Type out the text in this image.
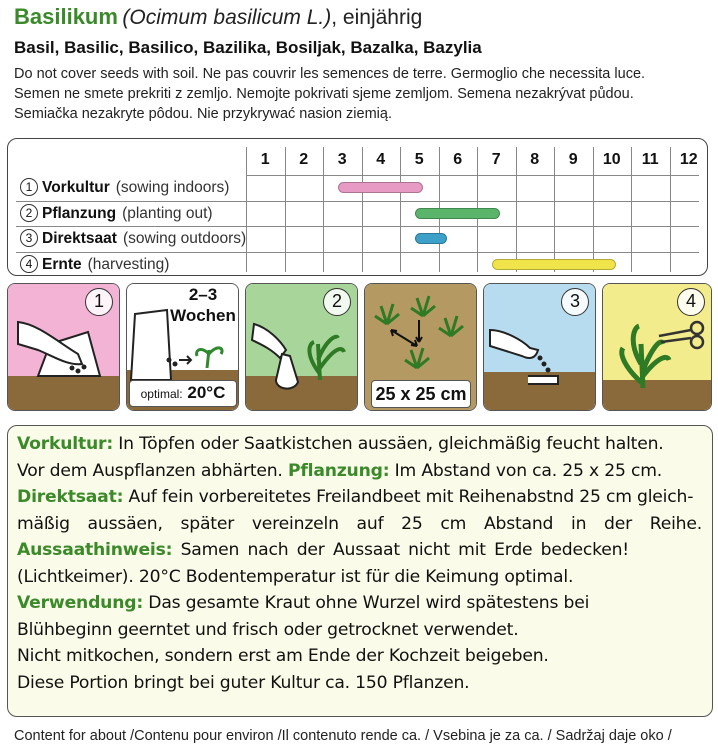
Basilikum (Ocimum basilicum L.), einjährig
Basil, Basilic, Basilico, Bazilika, Bosiljak, Bazalka, Bazylia
Do not cover seeds with soil. Ne pas couvrir les semences de terre. Germoglio che necessita luce.
Semen ne smete prekriti z zemljo. Nemojte pokrivati sjeme zemljom. Semena nezakrývat půdou.
Semiačka nezakryte pôdou. Nie przykrywać nasion ziemią.
1	2	3	4	5	6	7	8	9	10	11	12
1 Vorkultur (sowing indoors)
2 Pflanzung (planting out)
3 Direktsaat (sowing outdoors)
4 Ernte (harvesting)
1	2–3
Wochen
optimal: 20°C
2
25 x 25 cm
3	4
Vorkultur: In Töpfen oder Saatkistchen aussäen, gleichmäßig feucht halten.
Vor dem Auspflanzen abhärten. Pflanzung: Im Abstand von ca. 25 x 25 cm.
Direktsaat: Auf fein vorbereitetes Freilandbeet mit Reihenabstnd 25 cm gleich-
mäßig aussäen, später vereinzeln auf 25 cm Abstand in der Reihe.
Aussaathinweis: Samen nach der Aussaat nicht mit Erde bedecken!
(Lichtkeimer). 20°C Bodentemperatur ist für die Keimung optimal.
Verwendung: Das gesamte Kraut ohne Wurzel wird spätestens bei
Blühbeginn geerntet und frisch oder getrocknet verwendet.
Nicht mitkochen, sondern erst am Ende der Kochzeit beigeben.
Diese Portion bringt bei guter Kultur ca. 150 Pflanzen.
Content for about /Contenu pour environ /Il contenuto rende ca. / Vsebina je za ca. / Sadržaj daje oko /
